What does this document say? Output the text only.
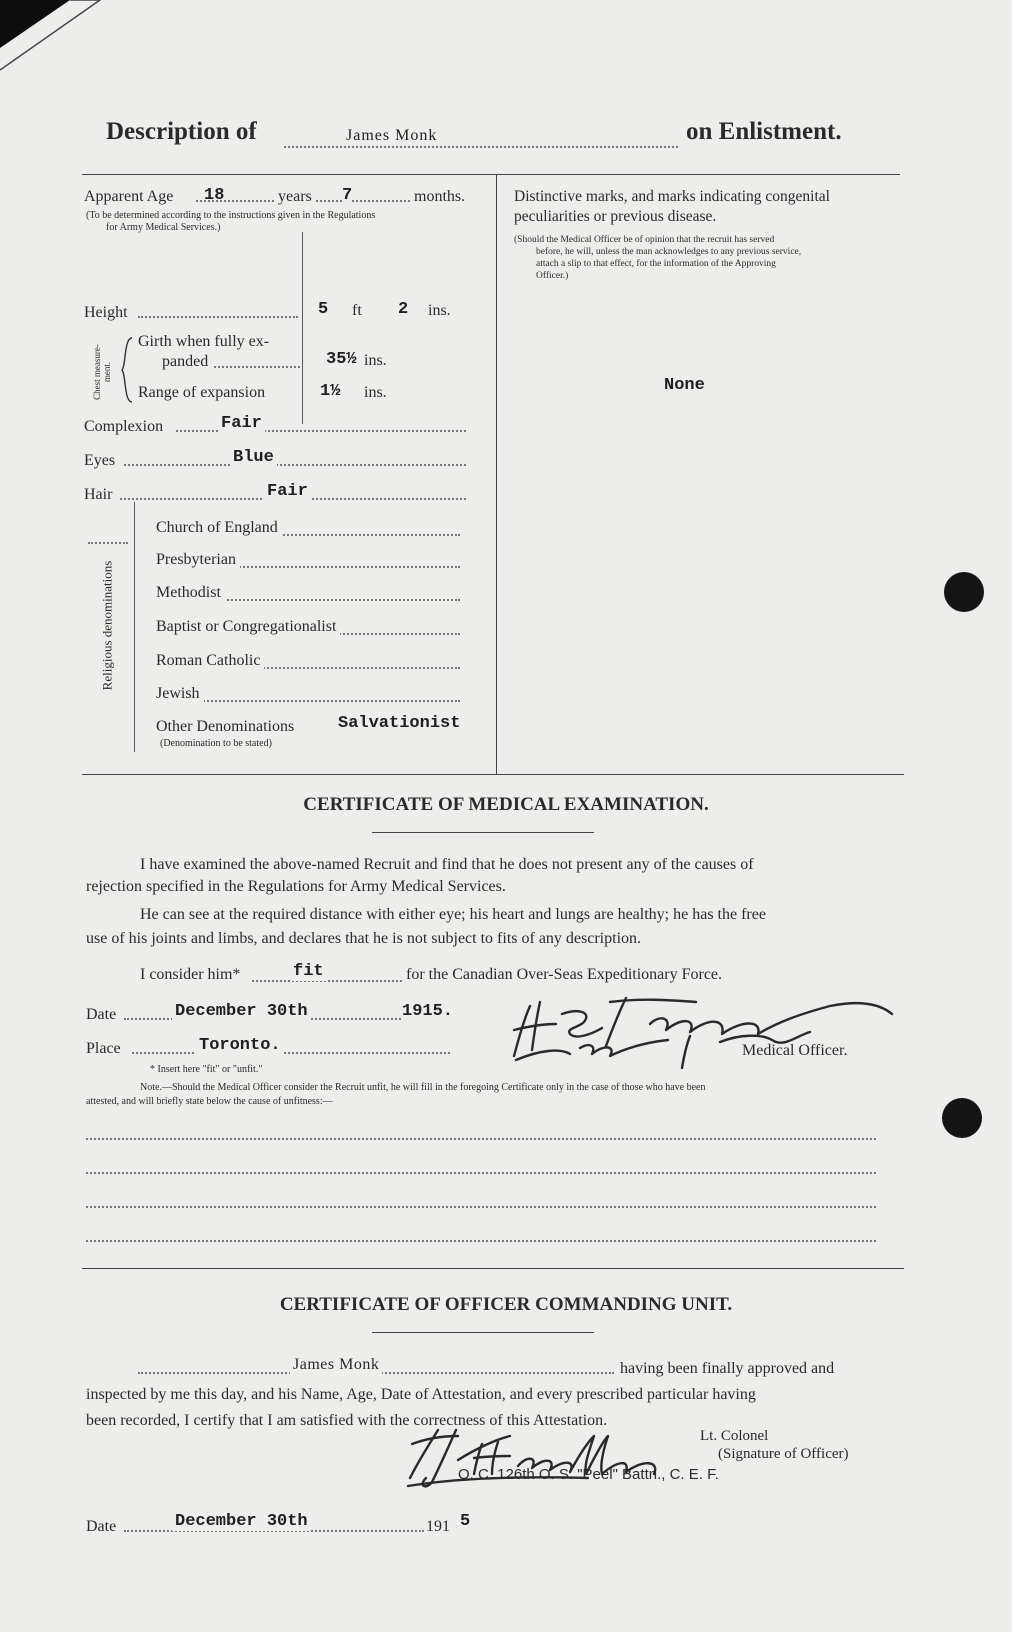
Description of	James Monk	on Enlistment.
Apparent Age 18	years 7	months.
(To be determined according to the instructions given in the Regulations
for Army Medical Services.)
Height	5 ft 2 ins.
Chest measure-ment.
Girth when fully ex-
panded	35½ ins.
Range of expansion	1½ ins.
Complexion	Fair
Eyes	Blue
Hair	Fair
Religious denominations
Church of England
Presbyterian
Methodist
Baptist or Congregationalist
Roman Catholic
Jewish
Other Denominations	Salvationist
(Denomination to be stated)
Distinctive marks, and marks indicating congenital
peculiarities or previous disease.
(Should the Medical Officer be of opinion that the recruit has served
before, he will, unless the man acknowledges to any previous service,
attach a slip to that effect, for the information of the Approving
Officer.)
None
CERTIFICATE OF MEDICAL EXAMINATION.
I have examined the above-named Recruit and find that he does not present any of the causes of
rejection specified in the Regulations for Army Medical Services.
He can see at the required distance with either eye; his heart and lungs are healthy; he has the free
use of his joints and limbs, and declares that he is not subject to fits of any description.
I consider him*	fit	for the Canadian Over-Seas Expeditionary Force.
Date	December 30th	1915.
Place	Toronto.	Medical Officer.
* Insert here "fit" or "unfit."
Note.—Should the Medical Officer consider the Recruit unfit, he will fill in the foregoing Certificate only in the case of those who have been
attested, and will briefly state below the cause of unfitness:—
CERTIFICATE OF OFFICER COMMANDING UNIT.
James Monk	having been finally approved and
inspected by me this day, and his Name, Age, Date of Attestation, and every prescribed particular having
been recorded, I certify that I am satisfied with the correctness of this Attestation.
Lt. Colonel
(Signature of Officer)
O. C. 126th O. S. "Peel" Battn., C. E. F.
Date	December 30th	191 5
